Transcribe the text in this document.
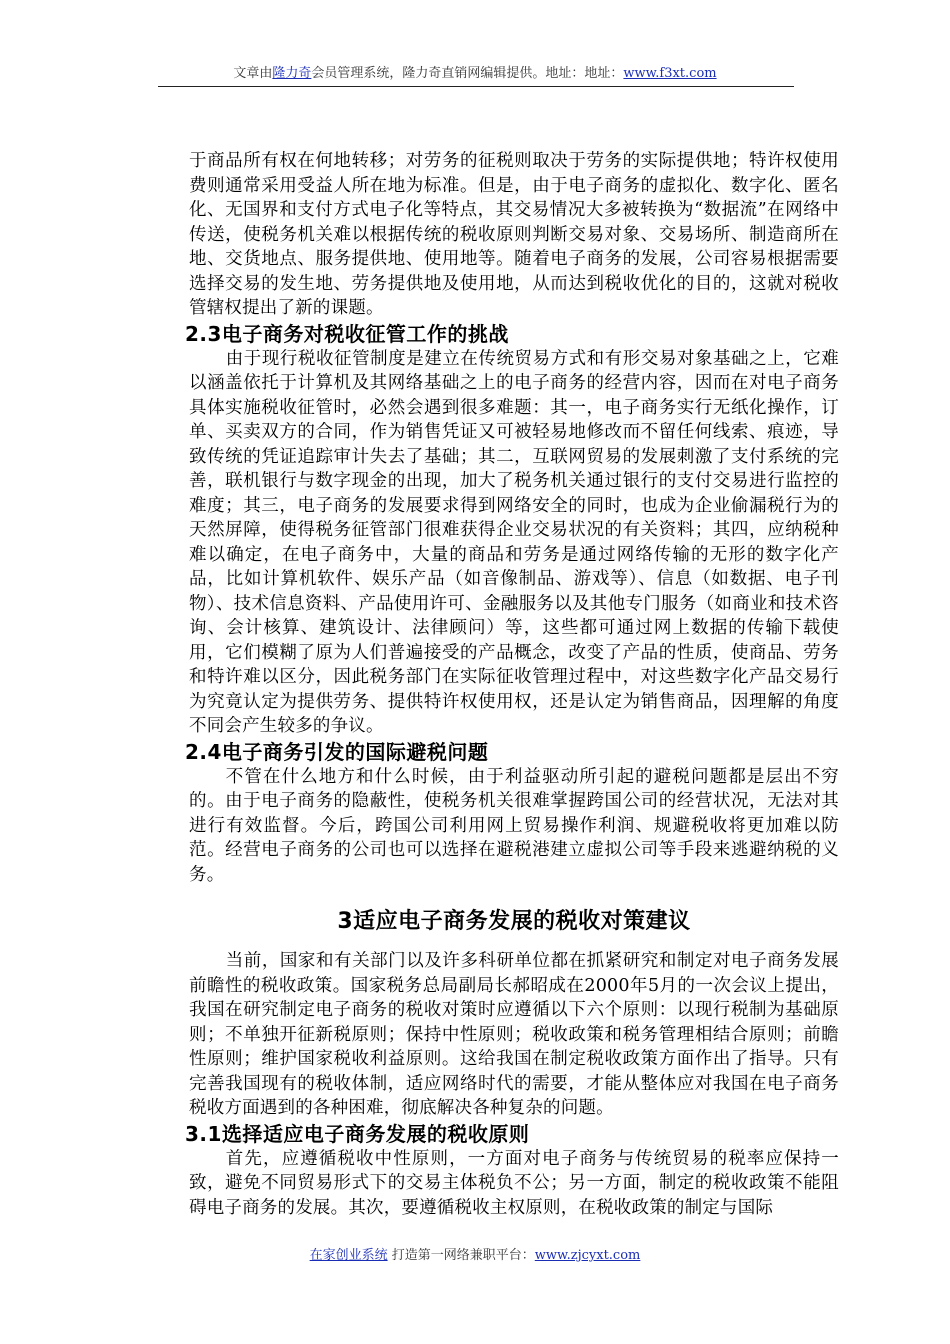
文章由隆力奇会员管理系统，隆力奇直销网编辑提供。地址：地址：www.f3xt.com

于商品所有权在何地转移；对劳务的征税则取决于劳务的实际提供地；特许权使用费则通常采用受益人所在地为标准。但是，由于电子商务的虚拟化、数字化、匿名化、无国界和支付方式电子化等特点，其交易情况大多被转换为“数据流”在网络中传送，使税务机关难以根据传统的税收原则判断交易对象、交易场所、制造商所在地、交货地点、服务提供地、使用地等。随着电子商务的发展，公司容易根据需要选择交易的发生地、劳务提供地及使用地，从而达到税收优化的目的，这就对税收管辖权提出了新的课题。

2.3电子商务对税收征管工作的挑战

由于现行税收征管制度是建立在传统贸易方式和有形交易对象基础之上，它难以涵盖依托于计算机及其网络基础之上的电子商务的经营内容，因而在对电子商务具体实施税收征管时，必然会遇到很多难题：其一，电子商务实行无纸化操作，订单、买卖双方的合同，作为销售凭证又可被轻易地修改而不留任何线索、痕迹，导致传统的凭证追踪审计失去了基础；其二，互联网贸易的发展刺激了支付系统的完善，联机银行与数字现金的出现，加大了税务机关通过银行的支付交易进行监控的难度；其三，电子商务的发展要求得到网络安全的同时，也成为企业偷漏税行为的天然屏障，使得税务征管部门很难获得企业交易状况的有关资料；其四，应纳税种难以确定，在电子商务中，大量的商品和劳务是通过网络传输的无形的数字化产品，比如计算机软件、娱乐产品（如音像制品、游戏等）、信息（如数据、电子刊物）、技术信息资料、产品使用许可、金融服务以及其他专门服务（如商业和技术咨询、会计核算、建筑设计、法律顾问）等，这些都可通过网上数据的传输下载使用，它们模糊了原为人们普遍接受的产品概念，改变了产品的性质，使商品、劳务和特许难以区分，因此税务部门在实际征收管理过程中，对这些数字化产品交易行为究竟认定为提供劳务、提供特许权使用权，还是认定为销售商品，因理解的角度不同会产生较多的争议。

2.4电子商务引发的国际避税问题

不管在什么地方和什么时候，由于利益驱动所引起的避税问题都是层出不穷的。由于电子商务的隐蔽性，使税务机关很难掌握跨国公司的经营状况，无法对其进行有效监督。今后，跨国公司利用网上贸易操作利润、规避税收将更加难以防范。经营电子商务的公司也可以选择在避税港建立虚拟公司等手段来逃避纳税的义务。

3适应电子商务发展的税收对策建议

当前，国家和有关部门以及许多科研单位都在抓紧研究和制定对电子商务发展前瞻性的税收政策。国家税务总局副局长郝昭成在2000年5月的一次会议上提出，我国在研究制定电子商务的税收对策时应遵循以下六个原则：以现行税制为基础原则；不单独开征新税原则；保持中性原则；税收政策和税务管理相结合原则；前瞻性原则；维护国家税收利益原则。这给我国在制定税收政策方面作出了指导。只有完善我国现有的税收体制，适应网络时代的需要，才能从整体应对我国在电子商务税收方面遇到的各种困难，彻底解决各种复杂的问题。

3.1选择适应电子商务发展的税收原则

首先，应遵循税收中性原则，一方面对电子商务与传统贸易的税率应保持一致，避免不同贸易形式下的交易主体税负不公；另一方面，制定的税收政策不能阻碍电子商务的发展。其次，要遵循税收主权原则，在税收政策的制定与国际

在家创业系统 打造第一网络兼职平台：www.zjcyxt.com
